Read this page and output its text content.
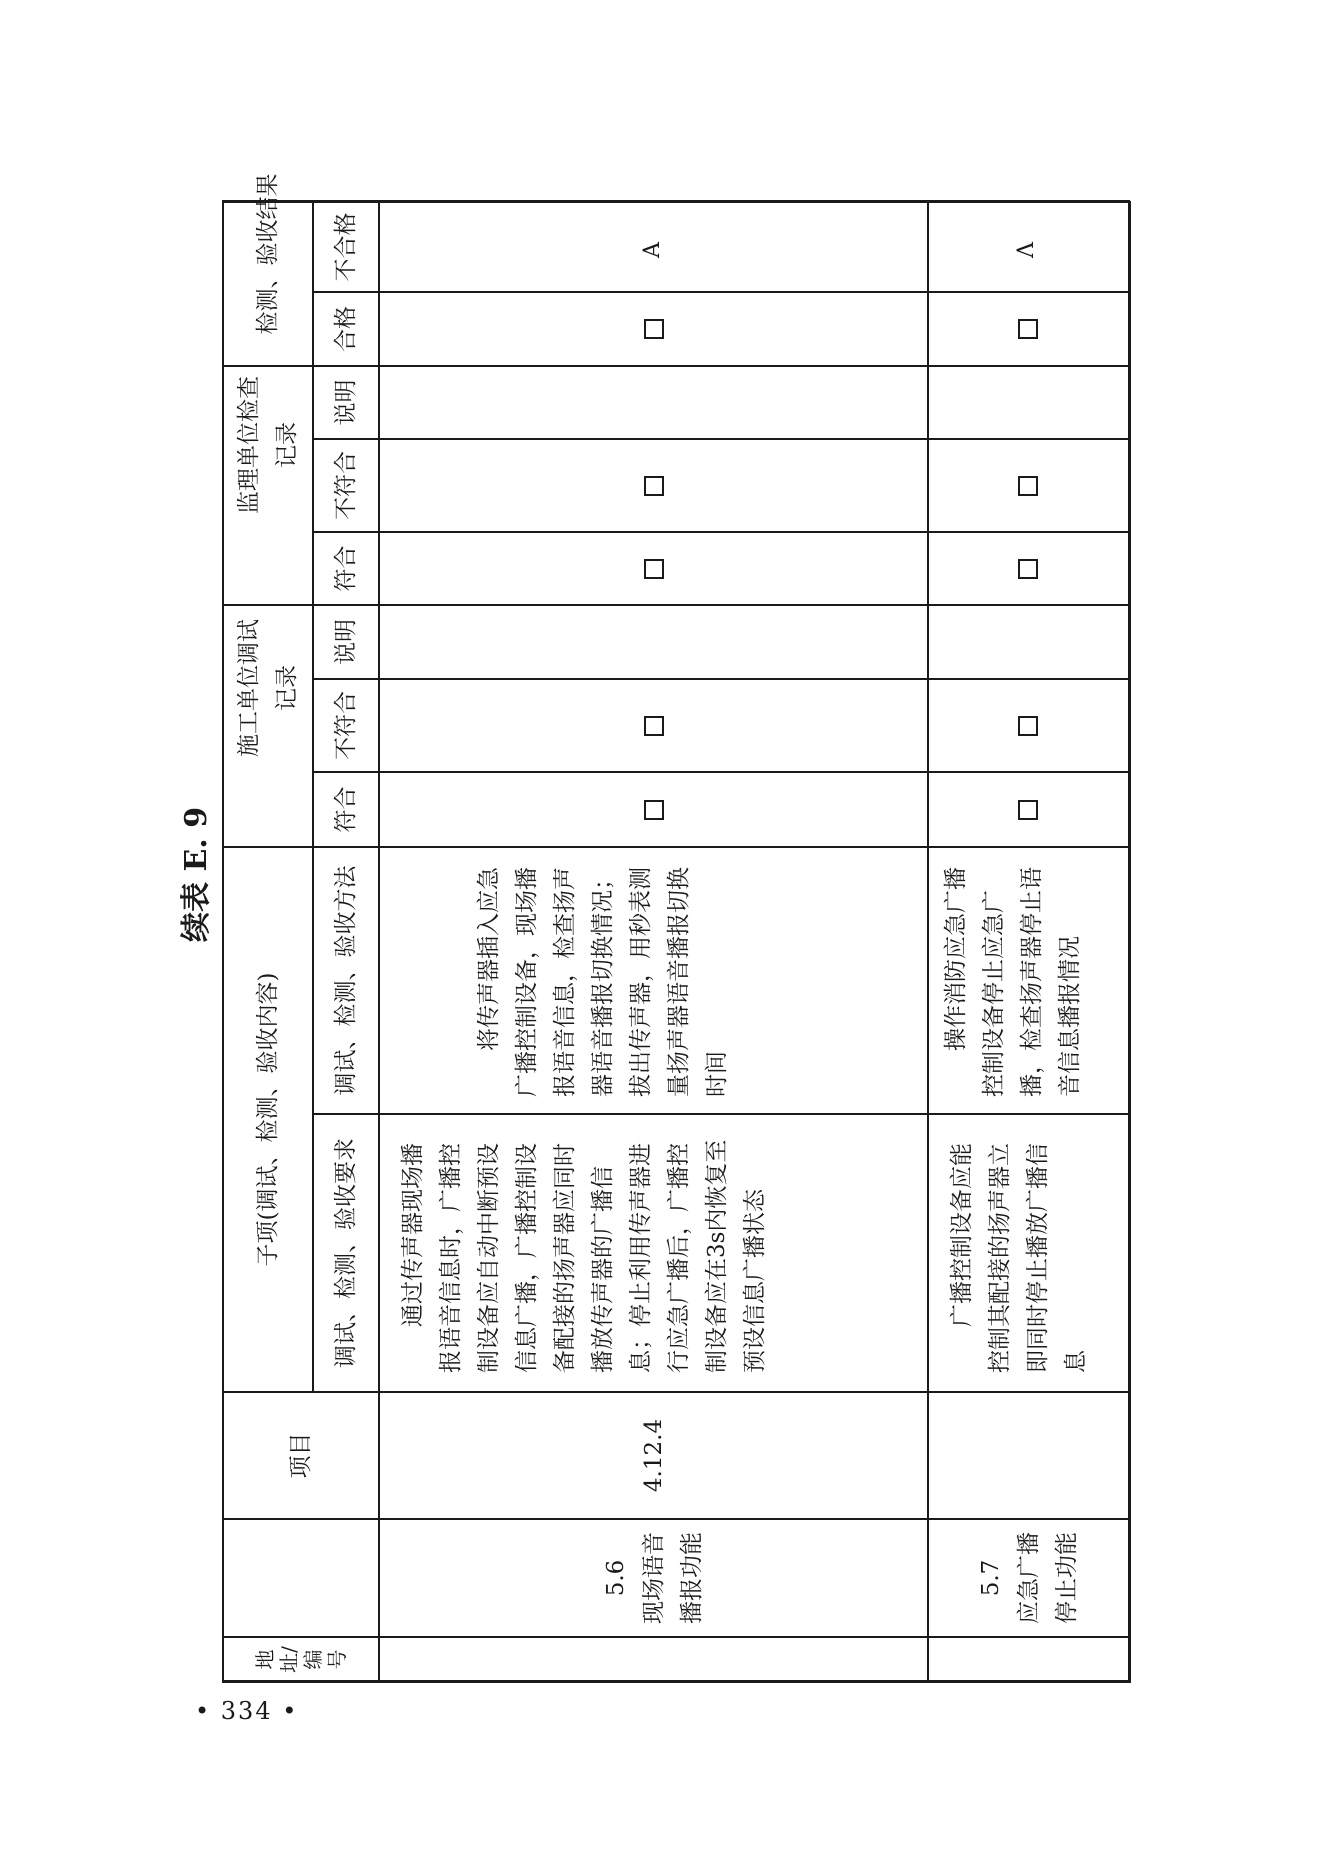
续表 E. 9
• 334 •
地址/编号
项目
子项(调试、检测、验收内容)	调试、检测、验收要求
调试、检测、验收方法
施工单位调试记录
符合
不符合
说明
监理单位检查记录
符合
不符合
说明
检测、验收结果	合格
不合格
5.6
现场语音
播报功能
4.12.4
通过传声器现场播报语音信息时，广播控制设备应自动中断预设信息广播，广播控制设备配接的扬声器应同时播放传声器的广播信息；停止利用传声器进行应急广播后，广播控制设备应在3s内恢复至预设信息广播状态
将传声器插入应急广播控制设备，现场播报语音信息，检查扬声器语音播报切换情况；拔出传声器，用秒表测量扬声器语音播报切换时间
A
5.7
应急广播
停止功能
广播控制设备应能控制其配接的扬声器立即同时停止播放广播信息
操作消防应急广播控制设备停止应急广播，检查扬声器停止语音信息播报情况
Λ
